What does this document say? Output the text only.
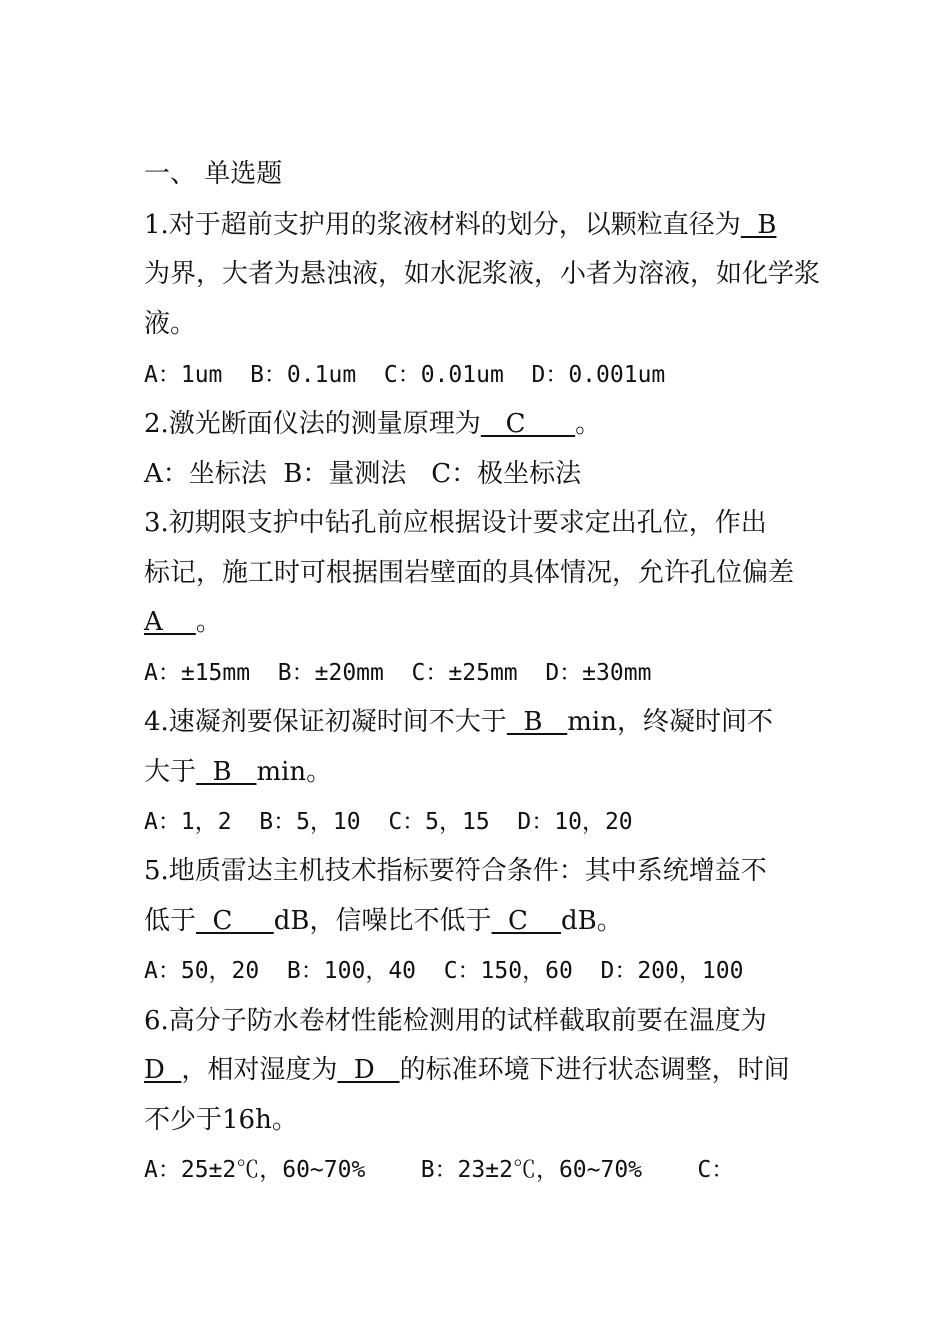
一、 单选题
1.对于超前支护用的浆液材料的划分，以颗粒直径为  B
为界，大者为悬浊液，如水泥浆液，小者为溶液，如化学浆
液。
A：1um  B：0.1um  C：0.01um  D：0.001um
2.激光断面仪法的测量原理为   C      。
A：坐标法  B：量测法   C：极坐标法
3.初期限支护中钻孔前应根据设计要求定出孔位，作出
标记，施工时可根据围岩壁面的具体情况，允许孔位偏差
A    。
A：±15mm  B：±20mm  C：±25mm  D：±30mm
4.速凝剂要保证初凝时间不大于  B   min，终凝时间不
大于  B   min。
A：1，2  B：5，10  C：5，15  D：10，20
5.地质雷达主机技术指标要符合条件：其中系统增益不
低于  C     dB，信噪比不低于  C    dB。
A：50，20  B：100，40  C：150，60  D：200，100
6.高分子防水卷材性能检测用的试样截取前要在温度为
D  ，相对湿度为  D   的标准环境下进行状态调整，时间
不少于16h。
A：25±2℃，60~70%    B：23±2℃，60~70%    C：
